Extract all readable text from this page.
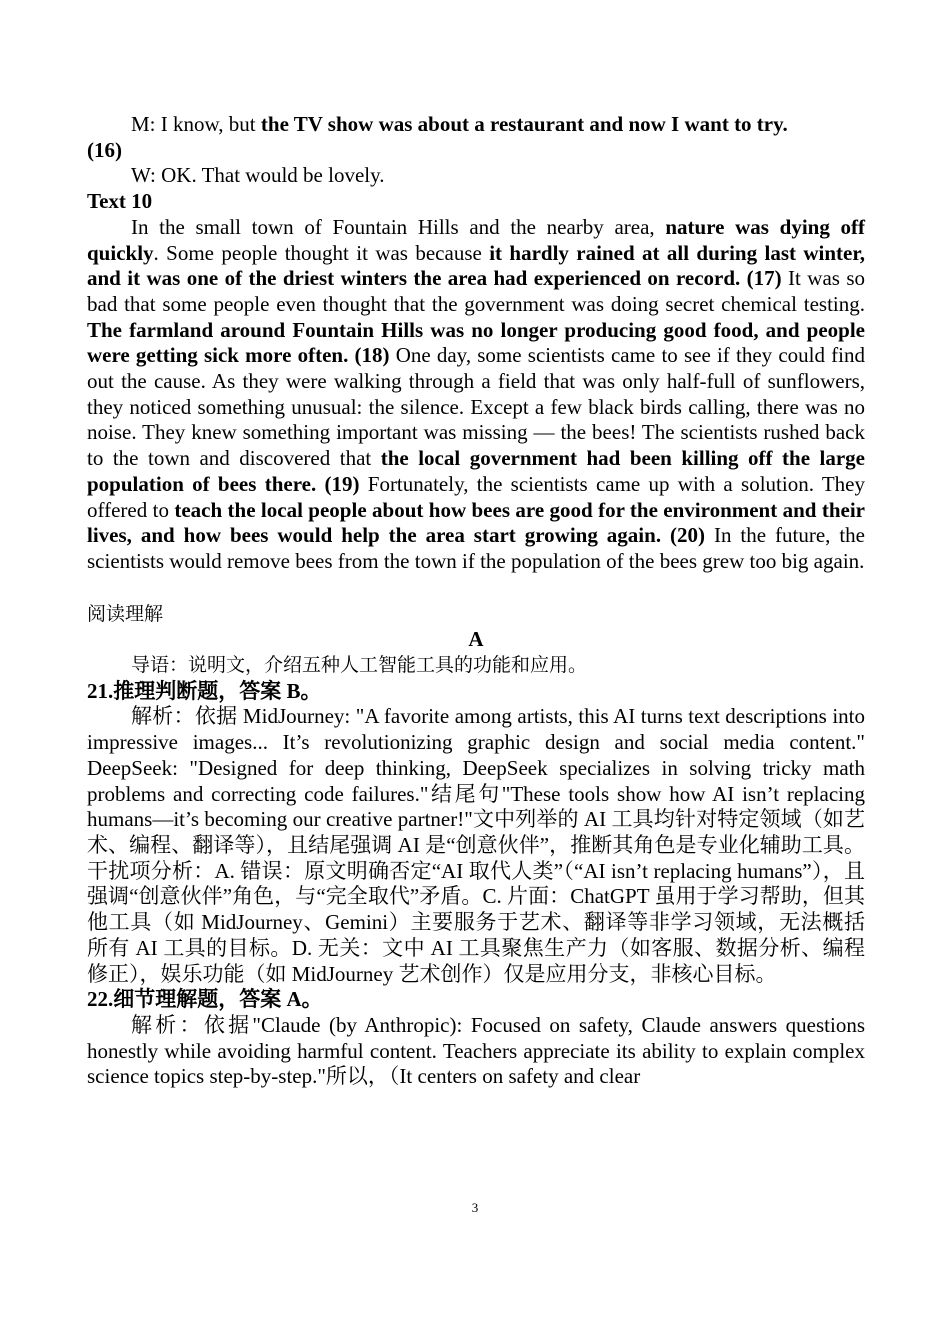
M: I know, but the TV show was about a restaurant and now I want to try.

(16)

W: OK. That would be lovely.

Text 10

In the small town of Fountain Hills and the nearby area, nature was dying off quickly. Some people thought it was because it hardly rained at all during last winter, and it was one of the driest winters the area had experienced on record. (17) It was so bad that some people even thought that the government was doing secret chemical testing. The farmland around Fountain Hills was no longer producing good food, and people were getting sick more often. (18) One day, some scientists came to see if they could find out the cause. As they were walking through a field that was only half-full of sunflowers, they noticed something unusual: the silence. Except a few black birds calling, there was no noise. They knew something important was missing — the bees! The scientists rushed back to the town and discovered that the local government had been killing off the large population of bees there. (19) Fortunately, the scientists came up with a solution. They offered to teach the local people about how bees are good for the environment and their lives, and how bees would help the area start growing again. (20) In the future, the scientists would remove bees from the town if the population of the bees grew too big again.

阅读理解

A

导语：说明文，介绍五种人工智能工具的功能和应用。

21.推理判断题，答案 B。

解析：依据 MidJourney: "A favorite among artists, this AI turns text descriptions into impressive images... It’s revolutionizing graphic design and social media content." DeepSeek: "Designed for deep thinking, DeepSeek specializes in solving tricky math problems and correcting code failures."结尾句"These tools show how AI isn’t replacing humans—it’s becoming our creative partner!"文中列举的 AI 工具均针对特定领域（如艺术、编程、翻译等），且结尾强调 AI 是“创意伙伴”，推断其角色是专业化辅助工具。干扰项分析：A. 错误：原文明确否定“AI 取代人类”（“AI isn’t replacing humans”），且强调“创意伙伴”角色，与“完全取代”矛盾。C. 片面：ChatGPT 虽用于学习帮助，但其他工具（如 MidJourney、Gemini）主要服务于艺术、翻译等非学习领域，无法概括所有 AI 工具的目标。D. 无关：文中 AI 工具聚焦生产力（如客服、数据分析、编程修正），娱乐功能（如 MidJourney 艺术创作）仅是应用分支，非核心目标。

22.细节理解题，答案 A。

解析：依据"Claude (by Anthropic): Focused on safety, Claude answers questions honestly while avoiding harmful content. Teachers appreciate its ability to explain complex science topics step-by-step."所以，（It centers on safety and clear

3
